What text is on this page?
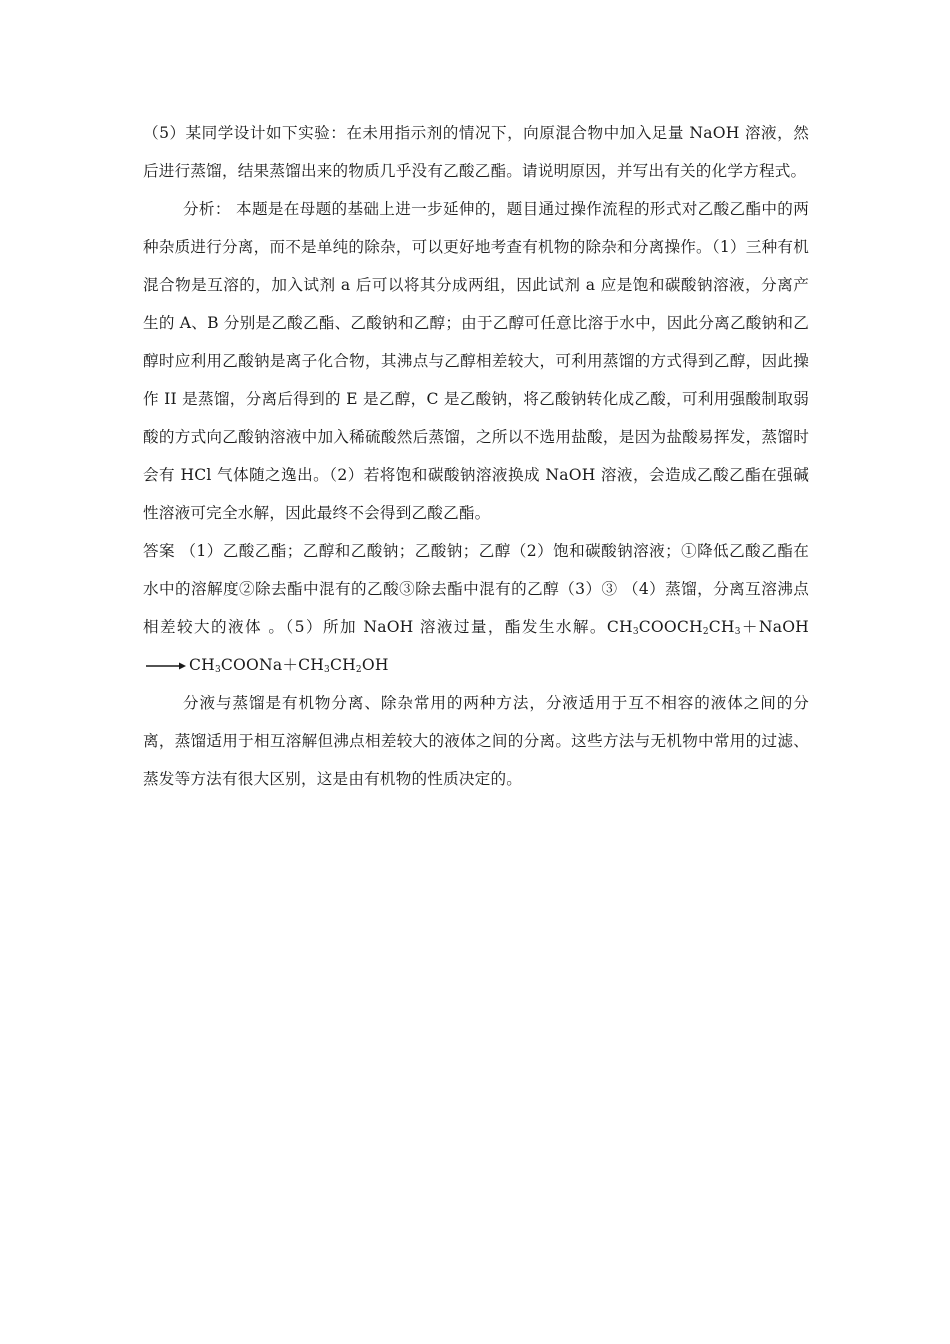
（5）某同学设计如下实验：在未用指示剂的情况下，向原混合物中加入足量 NaOH 溶液，然后进行蒸馏，结果蒸馏出来的物质几乎没有乙酸乙酯。请说明原因，并写出有关的化学方程式。

分析： 本题是在母题的基础上进一步延伸的，题目通过操作流程的形式对乙酸乙酯中的两种杂质进行分离，而不是单纯的除杂，可以更好地考查有机物的除杂和分离操作。（1）三种有机混合物是互溶的，加入试剂 a 后可以将其分成两组，因此试剂 a 应是饱和碳酸钠溶液，分离产生的 A、B 分别是乙酸乙酯、乙酸钠和乙醇；由于乙醇可任意比溶于水中，因此分离乙酸钠和乙醇时应利用乙酸钠是离子化合物，其沸点与乙醇相差较大，可利用蒸馏的方式得到乙醇，因此操作 II 是蒸馏，分离后得到的 E 是乙醇，C 是乙酸钠，将乙酸钠转化成乙酸，可利用强酸制取弱酸的方式向乙酸钠溶液中加入稀硫酸然后蒸馏，之所以不选用盐酸，是因为盐酸易挥发，蒸馏时会有 HCl 气体随之逸出。（2）若将饱和碳酸钠溶液换成 NaOH 溶液，会造成乙酸乙酯在强碱性溶液可完全水解，因此最终不会得到乙酸乙酯。

答案 （1）乙酸乙酯；乙醇和乙酸钠；乙酸钠；乙醇（2）饱和碳酸钠溶液；①降低乙酸乙酯在水中的溶解度②除去酯中混有的乙酸③除去酯中混有的乙醇（3）③ （4）蒸馏，分离互溶沸点相差较大的液体 。（5）所加 NaOH 溶液过量，酯发生水解。$CH_3COOCH_2CH_3+NaOH\to$ $CH_3COONa+CH_3CH_2OH$

分液与蒸馏是有机物分离、除杂常用的两种方法，分液适用于互不相容的液体之间的分离，蒸馏适用于相互溶解但沸点相差较大的液体之间的分离。这些方法与无机物中常用的过滤、蒸发等方法有很大区别，这是由有机物的性质决定的。
